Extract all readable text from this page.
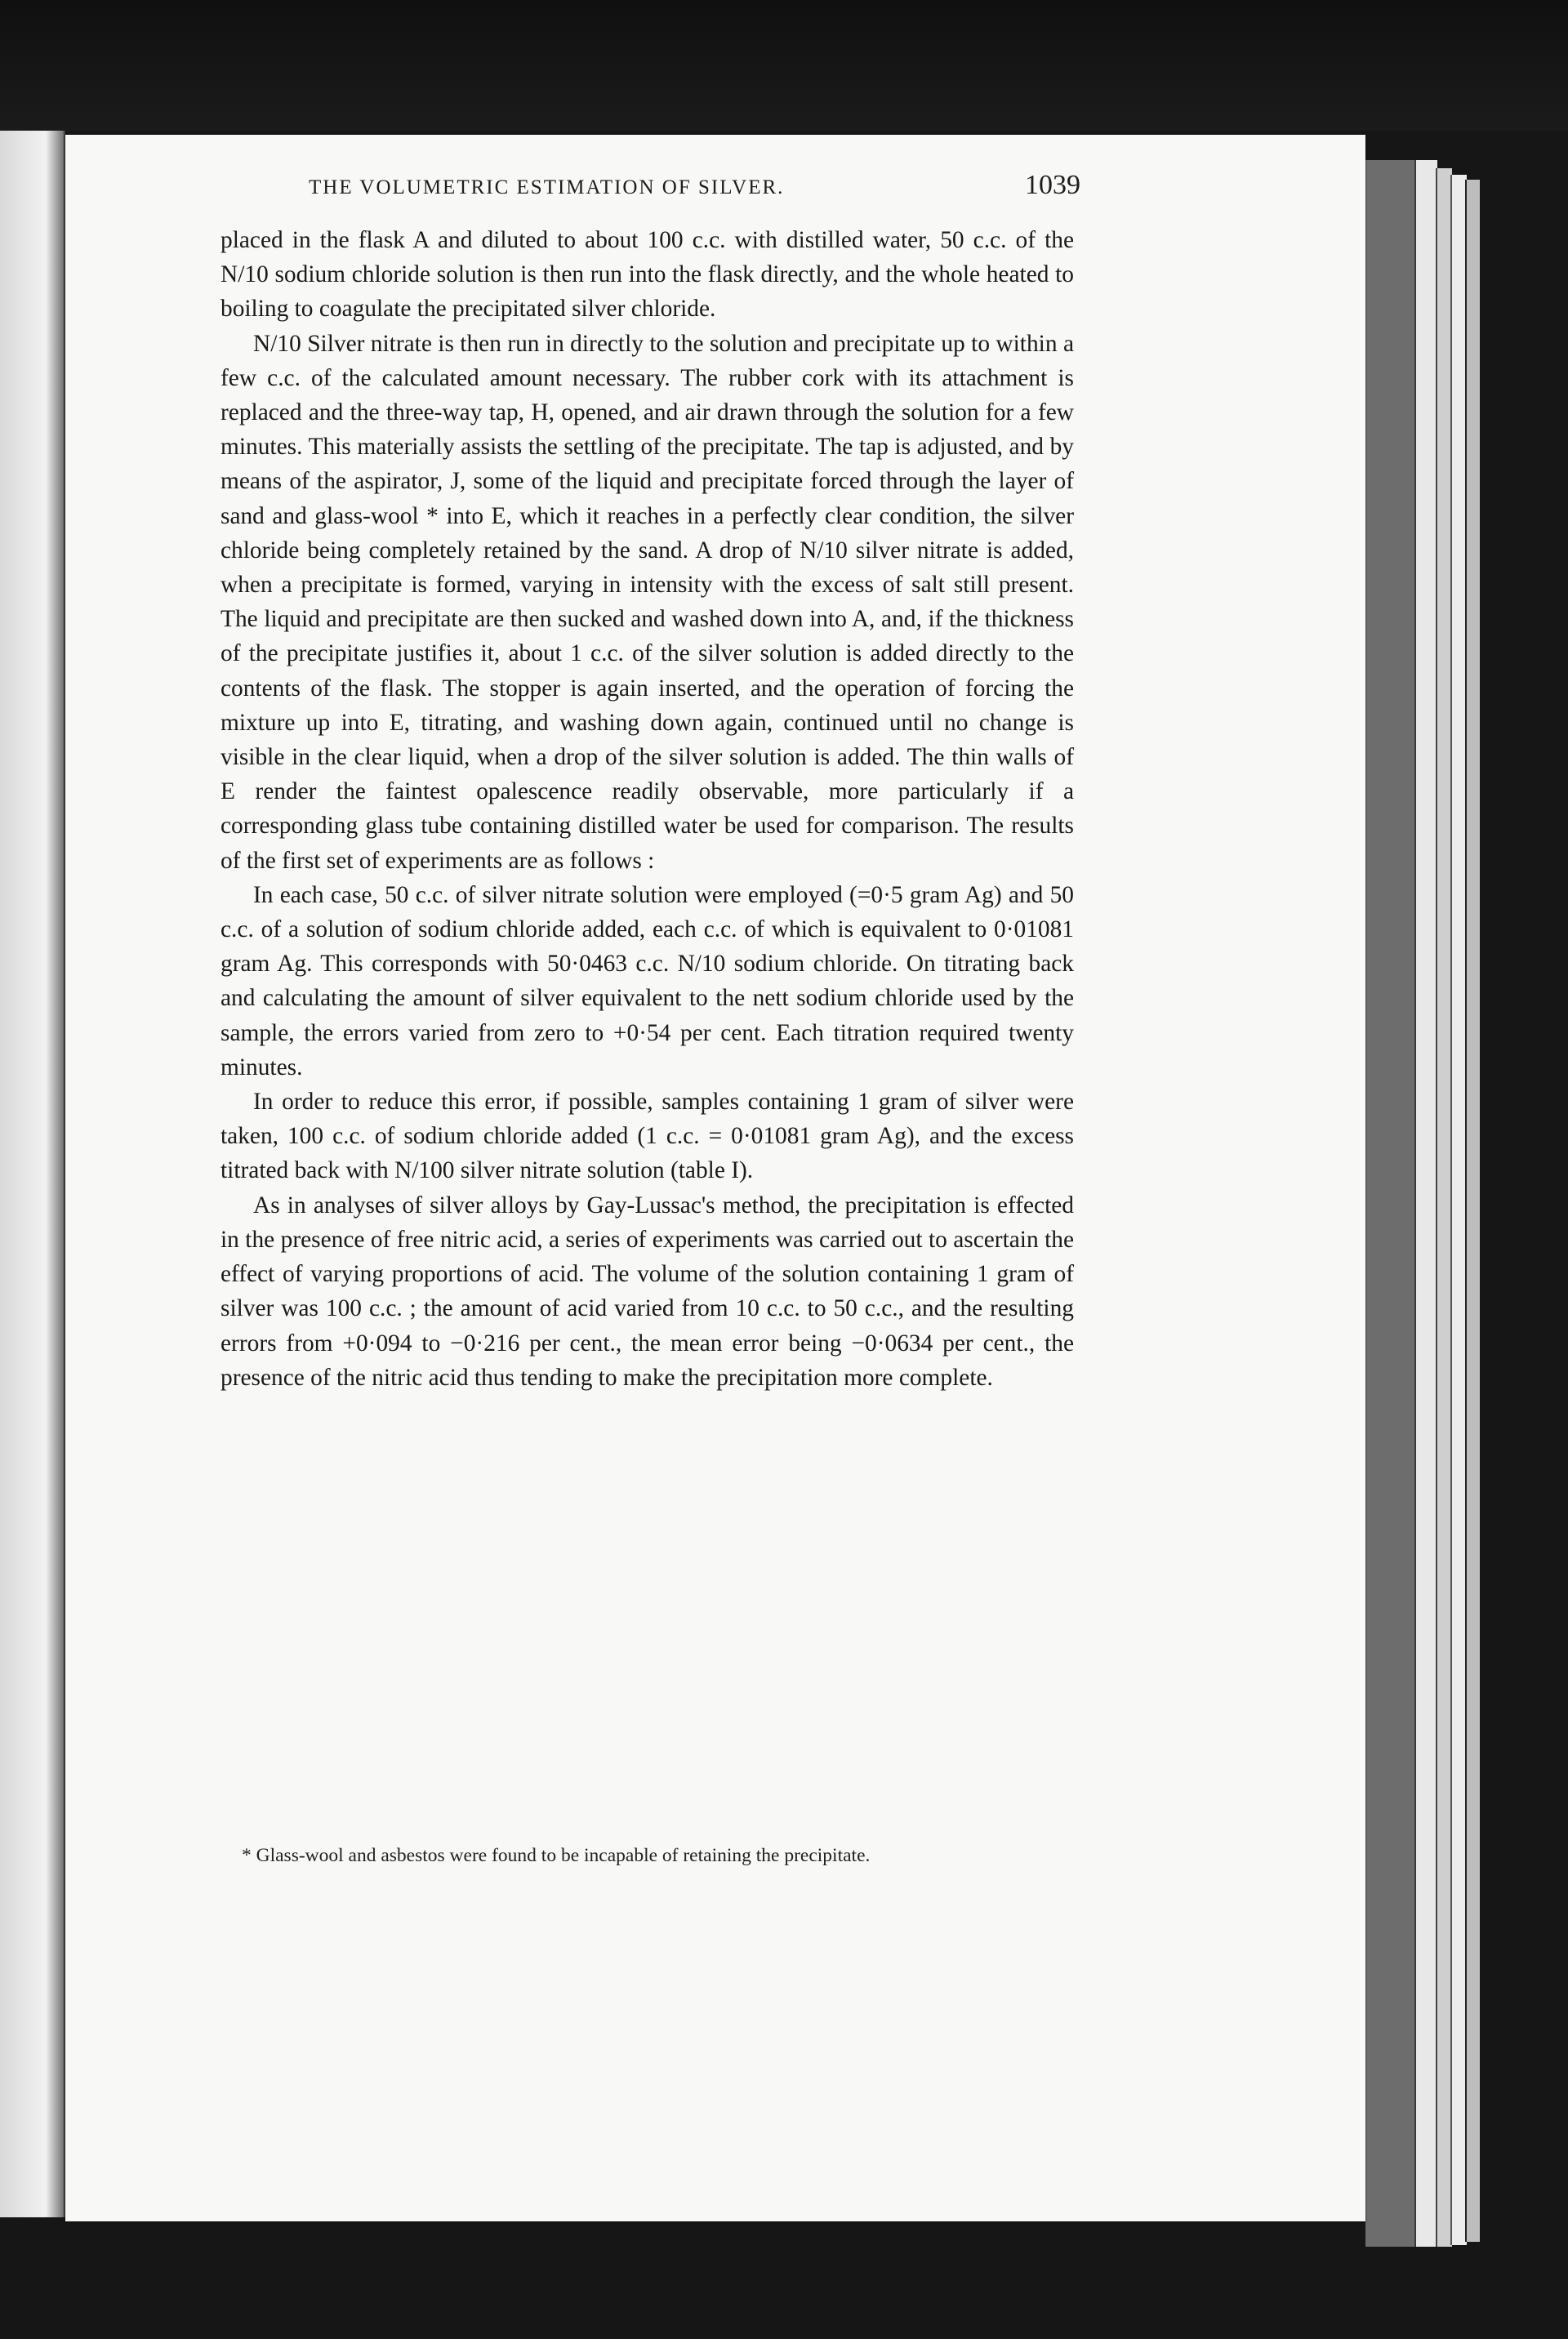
THE VOLUMETRIC ESTIMATION OF SILVER.	1039

placed in the flask A and diluted to about 100 c.c. with distilled water, 50 c.c. of the N/10 sodium chloride solution is then run into the flask directly, and the whole heated to boiling to coagulate the precipitated silver chloride.

N/10 Silver nitrate is then run in directly to the solution and precipitate up to within a few c.c. of the calculated amount necessary. The rubber cork with its attachment is replaced and the three-way tap, H, opened, and air drawn through the solution for a few minutes. This materially assists the settling of the precipitate. The tap is adjusted, and by means of the aspirator, J, some of the liquid and precipitate forced through the layer of sand and glass-wool * into E, which it reaches in a perfectly clear condition, the silver chloride being completely retained by the sand. A drop of N/10 silver nitrate is added, when a precipitate is formed, varying in intensity with the excess of salt still present. The liquid and precipitate are then sucked and washed down into A, and, if the thickness of the precipitate justifies it, about 1 c.c. of the silver solution is added directly to the contents of the flask. The stopper is again inserted, and the operation of forcing the mixture up into E, titrating, and washing down again, continued until no change is visible in the clear liquid, when a drop of the silver solution is added. The thin walls of E render the faintest opalescence readily observable, more particularly if a corresponding glass tube containing distilled water be used for comparison. The results of the first set of experiments are as follows :

In each case, 50 c.c. of silver nitrate solution were employed (=0·5 gram Ag) and 50 c.c. of a solution of sodium chloride added, each c.c. of which is equivalent to 0·01081 gram Ag. This corresponds with 50·0463 c.c. N/10 sodium chloride. On titrating back and calculating the amount of silver equivalent to the nett sodium chloride used by the sample, the errors varied from zero to +0·54 per cent. Each titration required twenty minutes.

In order to reduce this error, if possible, samples containing 1 gram of silver were taken, 100 c.c. of sodium chloride added (1 c.c. = 0·01081 gram Ag), and the excess titrated back with N/100 silver nitrate solution (table I).

As in analyses of silver alloys by Gay-Lussac's method, the precipitation is effected in the presence of free nitric acid, a series of experiments was carried out to ascertain the effect of varying proportions of acid. The volume of the solution containing 1 gram of silver was 100 c.c. ; the amount of acid varied from 10 c.c. to 50 c.c., and the resulting errors from +0·094 to −0·216 per cent., the mean error being −0·0634 per cent., the presence of the nitric acid thus tending to make the precipitation more complete.

* Glass-wool and asbestos were found to be incapable of retaining the precipitate.
